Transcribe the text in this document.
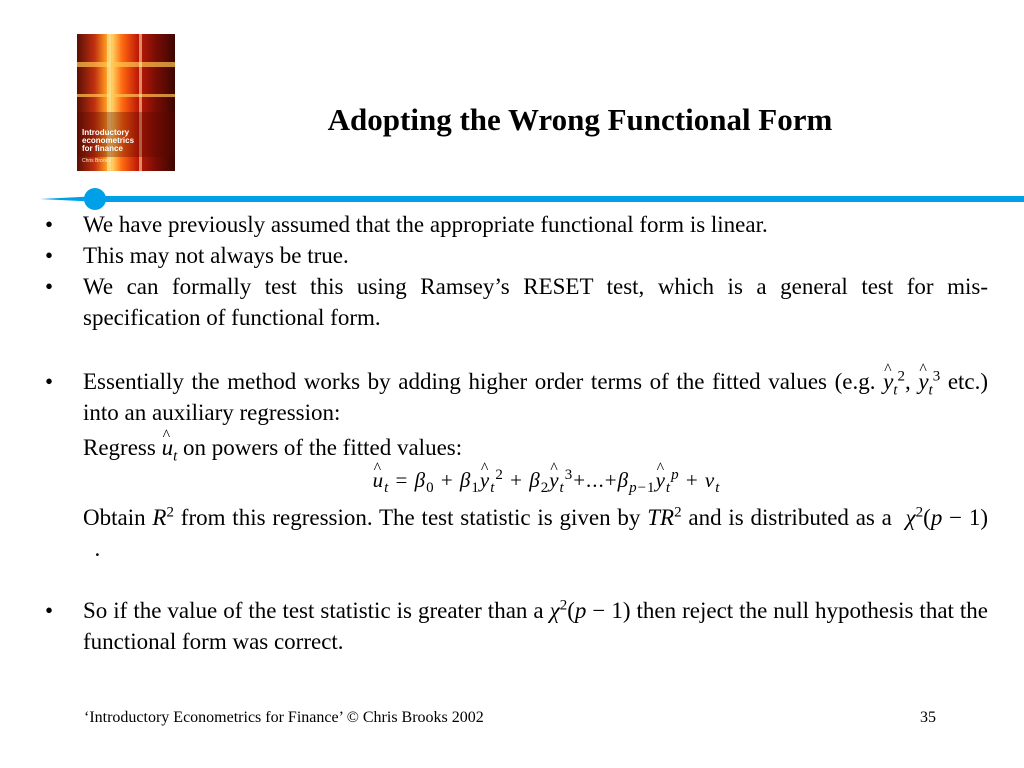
Introductory
econometrics
for finance
Chris Brooks
Adopting the Wrong Functional Form
• We have previously assumed that the appropriate functional form is linear.
• This may not always be true.
• We can formally test this using Ramsey’s RESET test, which is a general test for mis-specification of functional form.
• Essentially the method works by adding higher order terms of the fitted values (e.g. ^ $y_t^2$, ^ $y_t^3$ etc.) into an auxiliary regression:
Regress ^ $u_t$ on powers of the fitted values:
^ $u_t = \beta_0$ + $\beta_1\^{}$ $y_t^2$ + $\beta_2\^{}$ $y_t^3+...+\beta_{p-1}\^{}$ $y_t^p + v_t$
Obtain $R^2$ from this regression. The test statistic is given by $TR^2$ and is distributed as a $\chi^2(p - 1)$   .
• So if the value of the test statistic is greater than a $\chi^2(p - 1)$ then reject the null hypothesis that the functional form was correct.
‘Introductory Econometrics for Finance’ © Chris Brooks 2002	35
